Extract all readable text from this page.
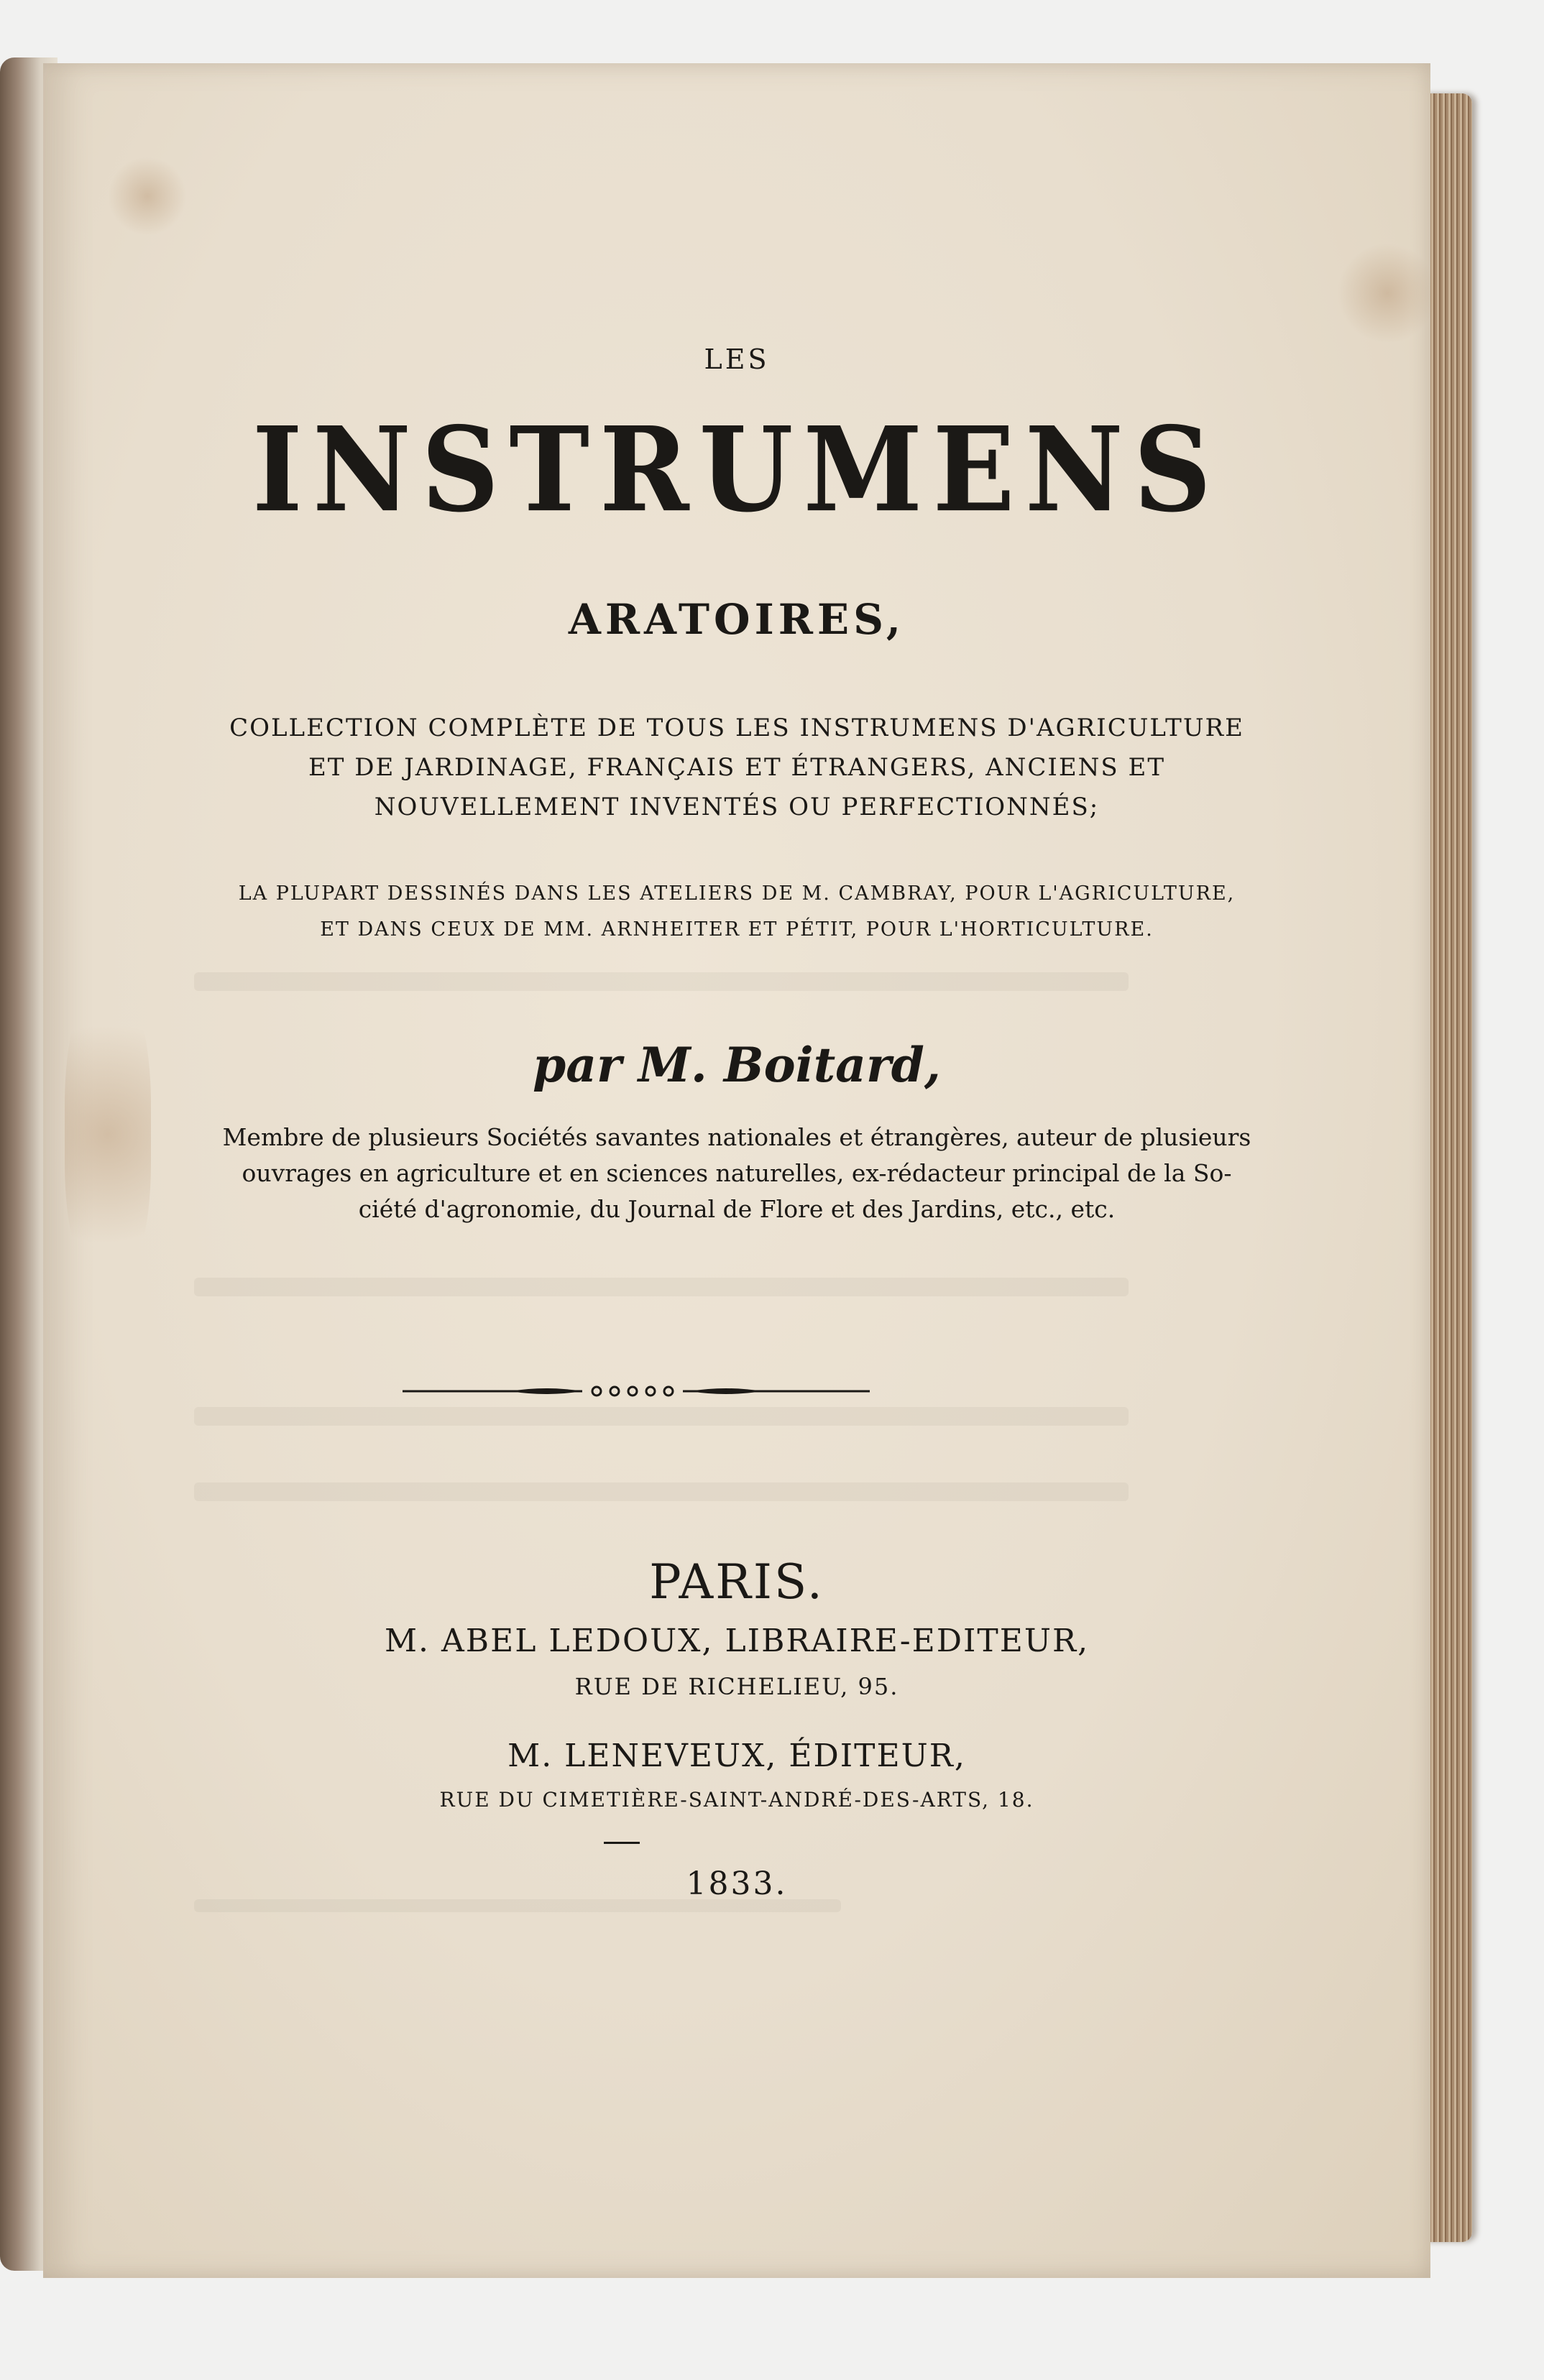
LES
INSTRUMENS
ARATOIRES,
COLLECTION COMPLÈTE DE TOUS LES INSTRUMENS D'AGRICULTURE
ET DE JARDINAGE, FRANÇAIS ET ÉTRANGERS, ANCIENS ET
NOUVELLEMENT INVENTÉS OU PERFECTIONNÉS;
LA PLUPART DESSINÉS DANS LES ATELIERS DE M. CAMBRAY, POUR L'AGRICULTURE,
ET DANS CEUX DE MM. ARNHEITER ET PÉTIT, POUR L'HORTICULTURE.
par M. Boitard,
Membre de plusieurs Sociétés savantes nationales et étrangères, auteur de plusieurs
ouvrages en agriculture et en sciences naturelles, ex-rédacteur principal de la So-
ciété d'agronomie, du Journal de Flore et des Jardins, etc., etc.
PARIS.
M. ABEL LEDOUX, LIBRAIRE-EDITEUR,
RUE DE RICHELIEU, 95.
M. LENEVEUX, ÉDITEUR,
RUE DU CIMETIÈRE-SAINT-ANDRÉ-DES-ARTS, 18.
1833.
